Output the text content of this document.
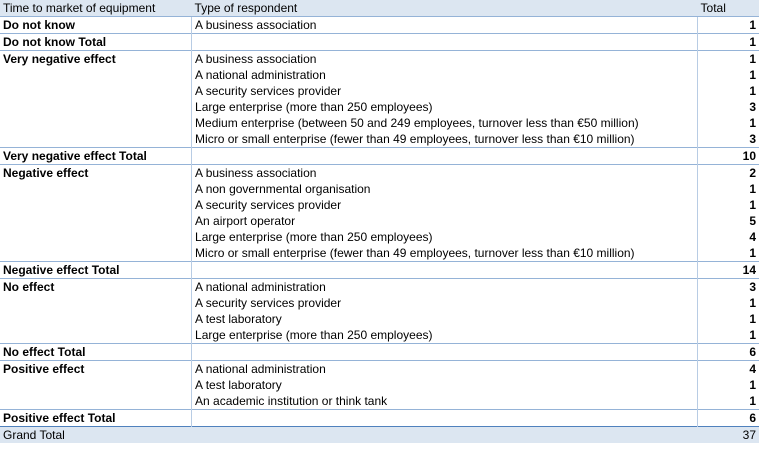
Time to market of equipment	Type of respondent	Total
Do not know	A business association	1
Do not know Total		1
Very negative effect	A business association	1
	A national administration	1
	A security services provider	1
	Large enterprise (more than 250 employees)	3
	Medium enterprise (between 50 and 249 employees, turnover less than €50 million)	1
	Micro or small enterprise (fewer than 49 employees, turnover less than €10 million)	3
Very negative effect Total		10
Negative effect	A business association	2
	A non governmental organisation	1
	A security services provider	1
	An airport operator	5
	Large enterprise (more than 250 employees)	4
	Micro or small enterprise (fewer than 49 employees, turnover less than €10 million)	1
Negative effect Total		14
No effect	A national administration	3
	A security services provider	1
	A test laboratory	1
	Large enterprise (more than 250 employees)	1
No effect Total		6
Positive effect	A national administration	4
	A test laboratory	1
	An academic institution or think tank	1
Positive effect Total		6
Grand Total		37
